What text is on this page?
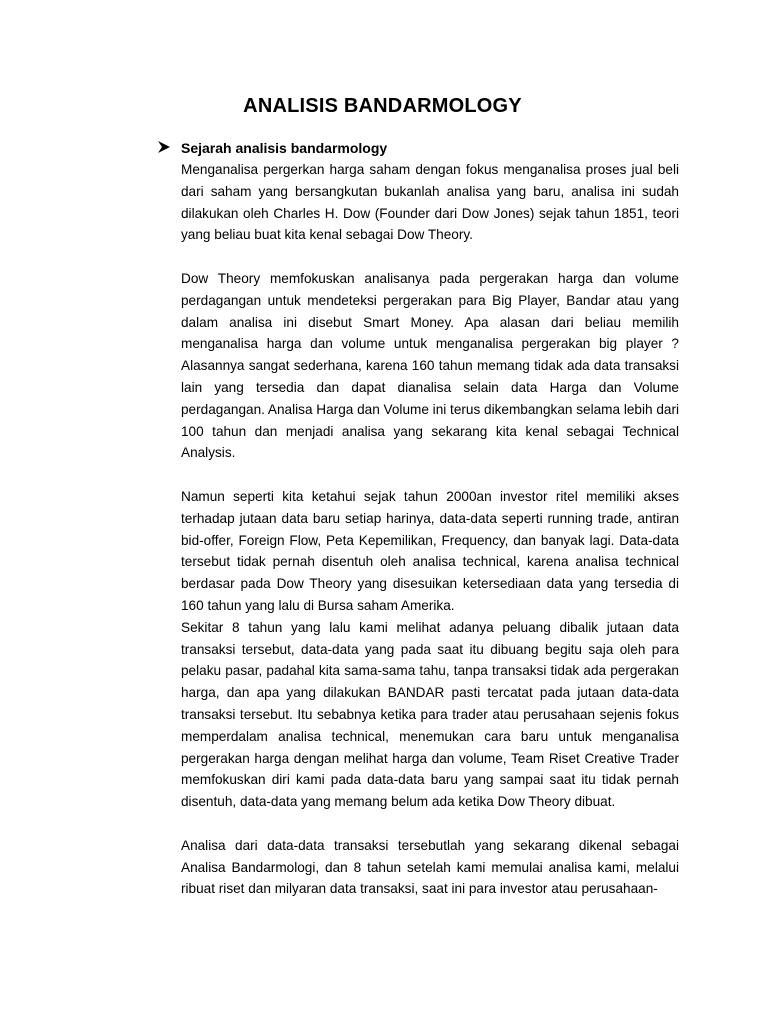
ANALISIS BANDARMOLOGY
Sejarah analisis bandarmology

Menganalisa pergerkan harga saham dengan fokus menganalisa proses jual beli dari saham yang bersangkutan bukanlah analisa yang baru, analisa ini sudah dilakukan oleh Charles H. Dow (Founder dari Dow Jones) sejak tahun 1851, teori yang beliau buat kita kenal sebagai Dow Theory.

Dow Theory memfokuskan analisanya pada pergerakan harga dan volume perdagangan untuk mendeteksi pergerakan para Big Player, Bandar atau yang dalam analisa ini disebut Smart Money. Apa alasan dari beliau memilih menganalisa harga dan volume untuk menganalisa pergerakan big player ? Alasannya sangat sederhana, karena 160 tahun memang tidak ada data transaksi lain yang tersedia dan dapat dianalisa selain data Harga dan Volume perdagangan. Analisa Harga dan Volume ini terus dikembangkan selama lebih dari 100 tahun dan menjadi analisa yang sekarang kita kenal sebagai Technical Analysis.

Namun seperti kita ketahui sejak tahun 2000an investor ritel memiliki akses terhadap jutaan data baru setiap harinya, data-data seperti running trade, antiran bid-offer, Foreign Flow, Peta Kepemilikan, Frequency, dan banyak lagi. Data-data tersebut tidak pernah disentuh oleh analisa technical, karena analisa technical berdasar pada Dow Theory yang disesuikan ketersediaan data yang tersedia di 160 tahun yang lalu di Bursa saham Amerika.

Sekitar 8 tahun yang lalu kami melihat adanya peluang dibalik jutaan data transaksi tersebut, data-data yang pada saat itu dibuang begitu saja oleh para pelaku pasar, padahal kita sama-sama tahu, tanpa transaksi tidak ada pergerakan harga, dan apa yang dilakukan BANDAR pasti tercatat pada jutaan data-data transaksi tersebut. Itu sebabnya ketika para trader atau perusahaan sejenis fokus memperdalam analisa technical, menemukan cara baru untuk menganalisa pergerakan harga dengan melihat harga dan volume, Team Riset Creative Trader memfokuskan diri kami pada data-data baru yang sampai saat itu tidak pernah disentuh, data-data yang memang belum ada ketika Dow Theory dibuat.

Analisa dari data-data transaksi tersebutlah yang sekarang dikenal sebagai Analisa Bandarmologi, dan 8 tahun setelah kami memulai analisa kami, melalui ribuat riset dan milyaran data transaksi, saat ini para investor atau perusahaan-
